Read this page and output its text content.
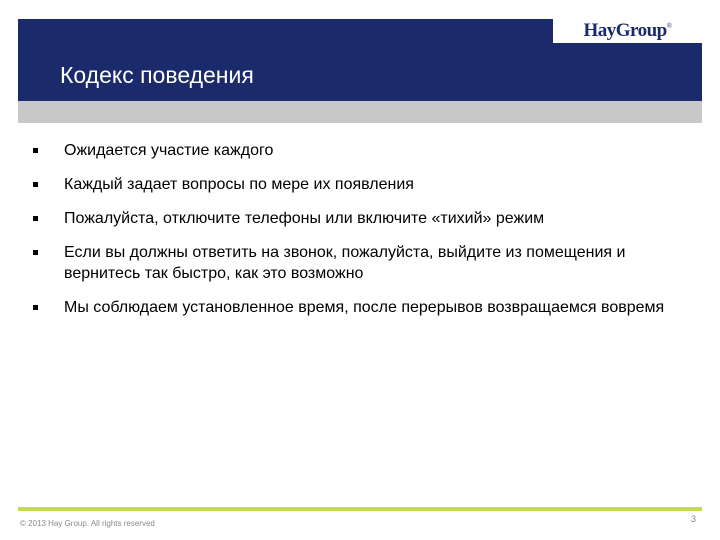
HayGroup®
Кодекс поведения
Ожидается участие каждого
Каждый задает вопросы по мере их появления
Пожалуйста, отключите телефоны или включите «тихий» режим
Если вы должны ответить на звонок, пожалуйста, выйдите из помещения и вернитесь так быстро, как это возможно
Мы соблюдаем установленное время, после перерывов возвращаемся вовремя
© 2013 Hay Group. All rights reserved	3
